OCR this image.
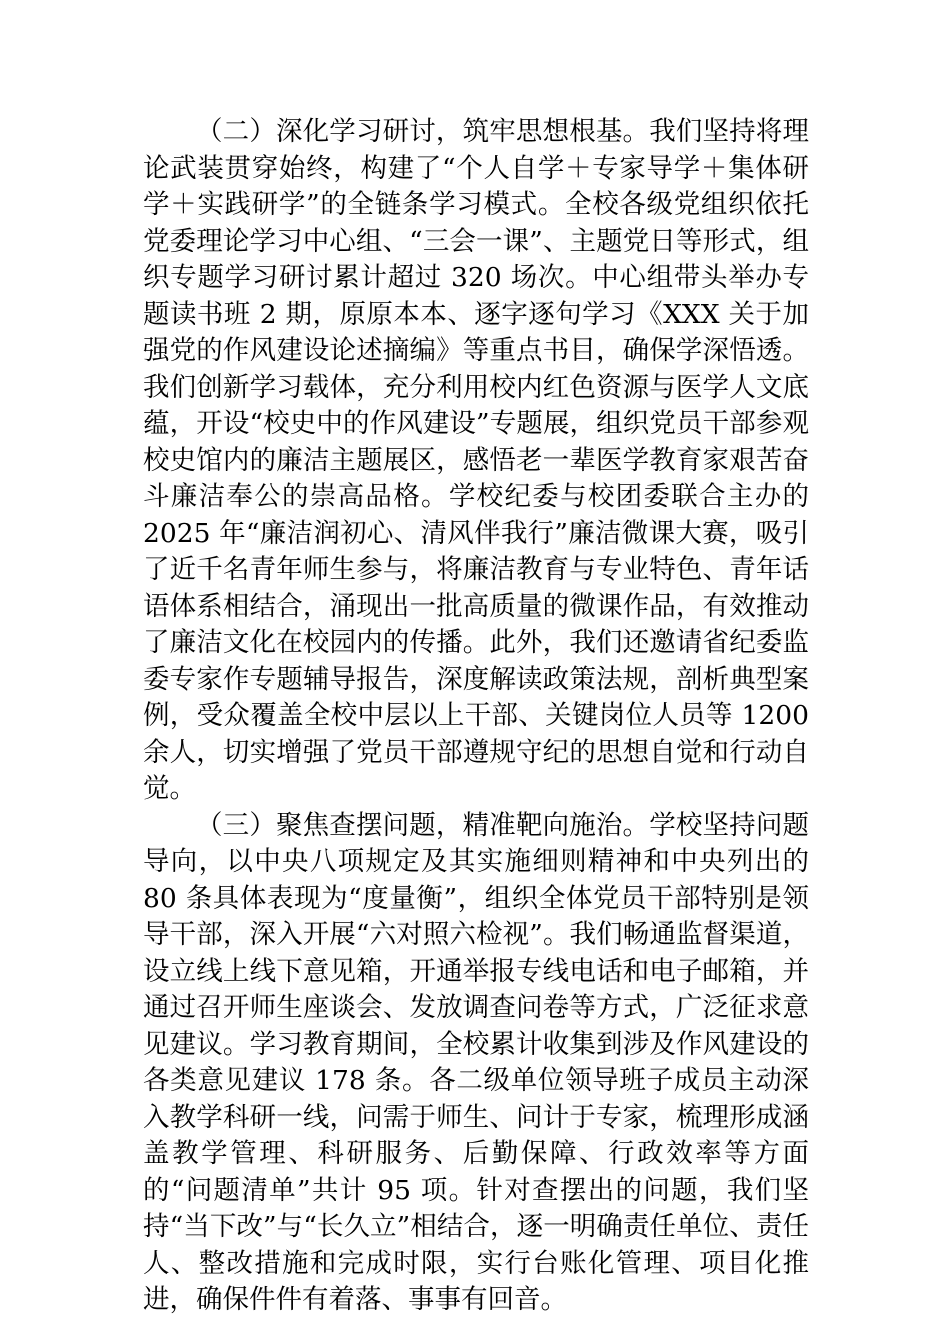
（二）深化学习研讨，筑牢思想根基。我们坚持将理论武装贯穿始终，构建了“个人自学＋专家导学＋集体研学＋实践研学”的全链条学习模式。全校各级党组织依托党委理论学习中心组、“三会一课”、主题党日等形式，组织专题学习研讨累计超过 320 场次。中心组带头举办专题读书班 2 期，原原本本、逐字逐句学习《XXX 关于加强党的作风建设论述摘编》等重点书目，确保学深悟透。我们创新学习载体，充分利用校内红色资源与医学人文底蕴，开设“校史中的作风建设”专题展，组织党员干部参观校史馆内的廉洁主题展区，感悟老一辈医学教育家艰苦奋斗廉洁奉公的崇高品格。学校纪委与校团委联合主办的 2025 年“廉洁润初心、清风伴我行”廉洁微课大赛，吸引了近千名青年师生参与，将廉洁教育与专业特色、青年话语体系相结合，涌现出一批高质量的微课作品，有效推动了廉洁文化在校园内的传播。此外，我们还邀请省纪委监委专家作专题辅导报告，深度解读政策法规，剖析典型案例，受众覆盖全校中层以上干部、关键岗位人员等 1200 余人，切实增强了党员干部遵规守纪的思想自觉和行动自觉。

（三）聚焦查摆问题，精准靶向施治。学校坚持问题导向，以中央八项规定及其实施细则精神和中央列出的 80 条具体表现为“度量衡”，组织全体党员干部特别是领导干部，深入开展“六对照六检视”。我们畅通监督渠道，设立线上线下意见箱，开通举报专线电话和电子邮箱，并通过召开师生座谈会、发放调查问卷等方式，广泛征求意见建议。学习教育期间，全校累计收集到涉及作风建设的各类意见建议 178 条。各二级单位领导班子成员主动深入教学科研一线，问需于师生、问计于专家，梳理形成涵盖教学管理、科研服务、后勤保障、行政效率等方面的“问题清单”共计 95 项。针对查摆出的问题，我们坚持“当下改”与“长久立”相结合，逐一明确责任单位、责任人、整改措施和完成时限，实行台账化管理、项目化推进，确保件件有着落、事事有回音。
